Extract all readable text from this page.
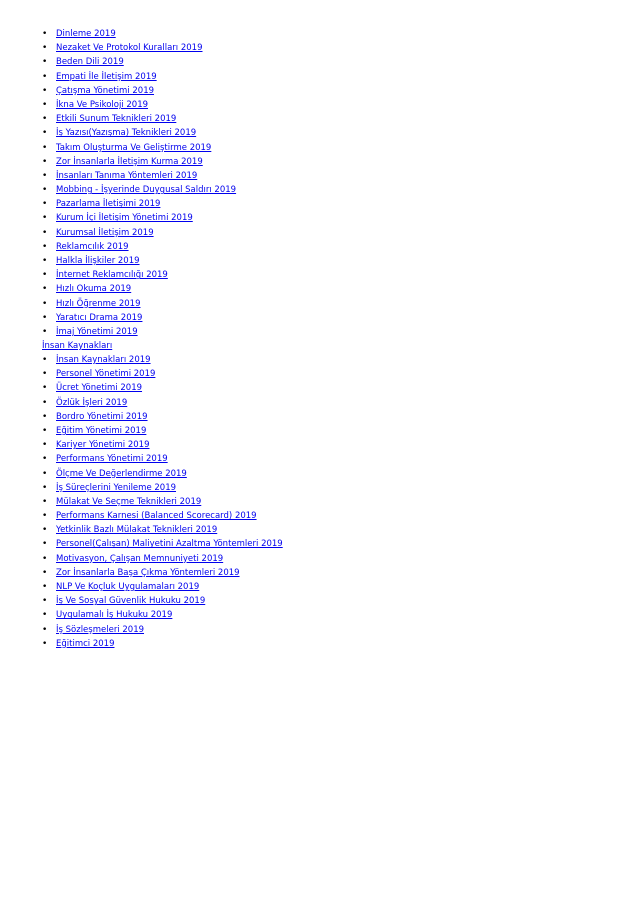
• Dinleme 2019
• Nezaket Ve Protokol Kuralları 2019
• Beden Dili 2019
• Empati İle İletişim 2019
• Çatışma Yönetimi 2019
• İkna Ve Psikoloji 2019
• Etkili Sunum Teknikleri 2019
• İş Yazısı(Yazışma) Teknikleri 2019
• Takım Oluşturma Ve Geliştirme 2019
• Zor İnsanlarla İletişim Kurma 2019
• İnsanları Tanıma Yöntemleri 2019
• Mobbing - İşyerinde Duygusal Saldırı 2019
• Pazarlama İletişimi 2019
• Kurum İçi İletişim Yönetimi 2019
• Kurumsal İletişim 2019
• Reklamcılık 2019
• Halkla İlişkiler 2019
• İnternet Reklamcılığı 2019
• Hızlı Okuma 2019
• Hızlı Öğrenme 2019
• Yaratıcı Drama 2019
• İmaj Yönetimi 2019
İnsan Kaynakları
• İnsan Kaynakları 2019
• Personel Yönetimi 2019
• Ücret Yönetimi 2019
• Özlük İşleri 2019
• Bordro Yönetimi 2019
• Eğitim Yönetimi 2019
• Kariyer Yönetimi 2019
• Performans Yönetimi 2019
• Ölçme Ve Değerlendirme 2019
• İş Süreçlerini Yenileme 2019
• Mülakat Ve Seçme Teknikleri 2019
• Performans Karnesi (Balanced Scorecard) 2019
• Yetkinlik Bazlı Mülakat Teknikleri 2019
• Personel(Çalışan) Maliyetini Azaltma Yöntemleri 2019
• Motivasyon, Çalışan Memnuniyeti 2019
• Zor İnsanlarla Başa Çıkma Yöntemleri 2019
• NLP Ve Koçluk Uygulamaları 2019
• İş Ve Sosyal Güvenlik Hukuku 2019
• Uygulamalı İş Hukuku 2019
• İş Sözleşmeleri 2019
• Eğitimci 2019
